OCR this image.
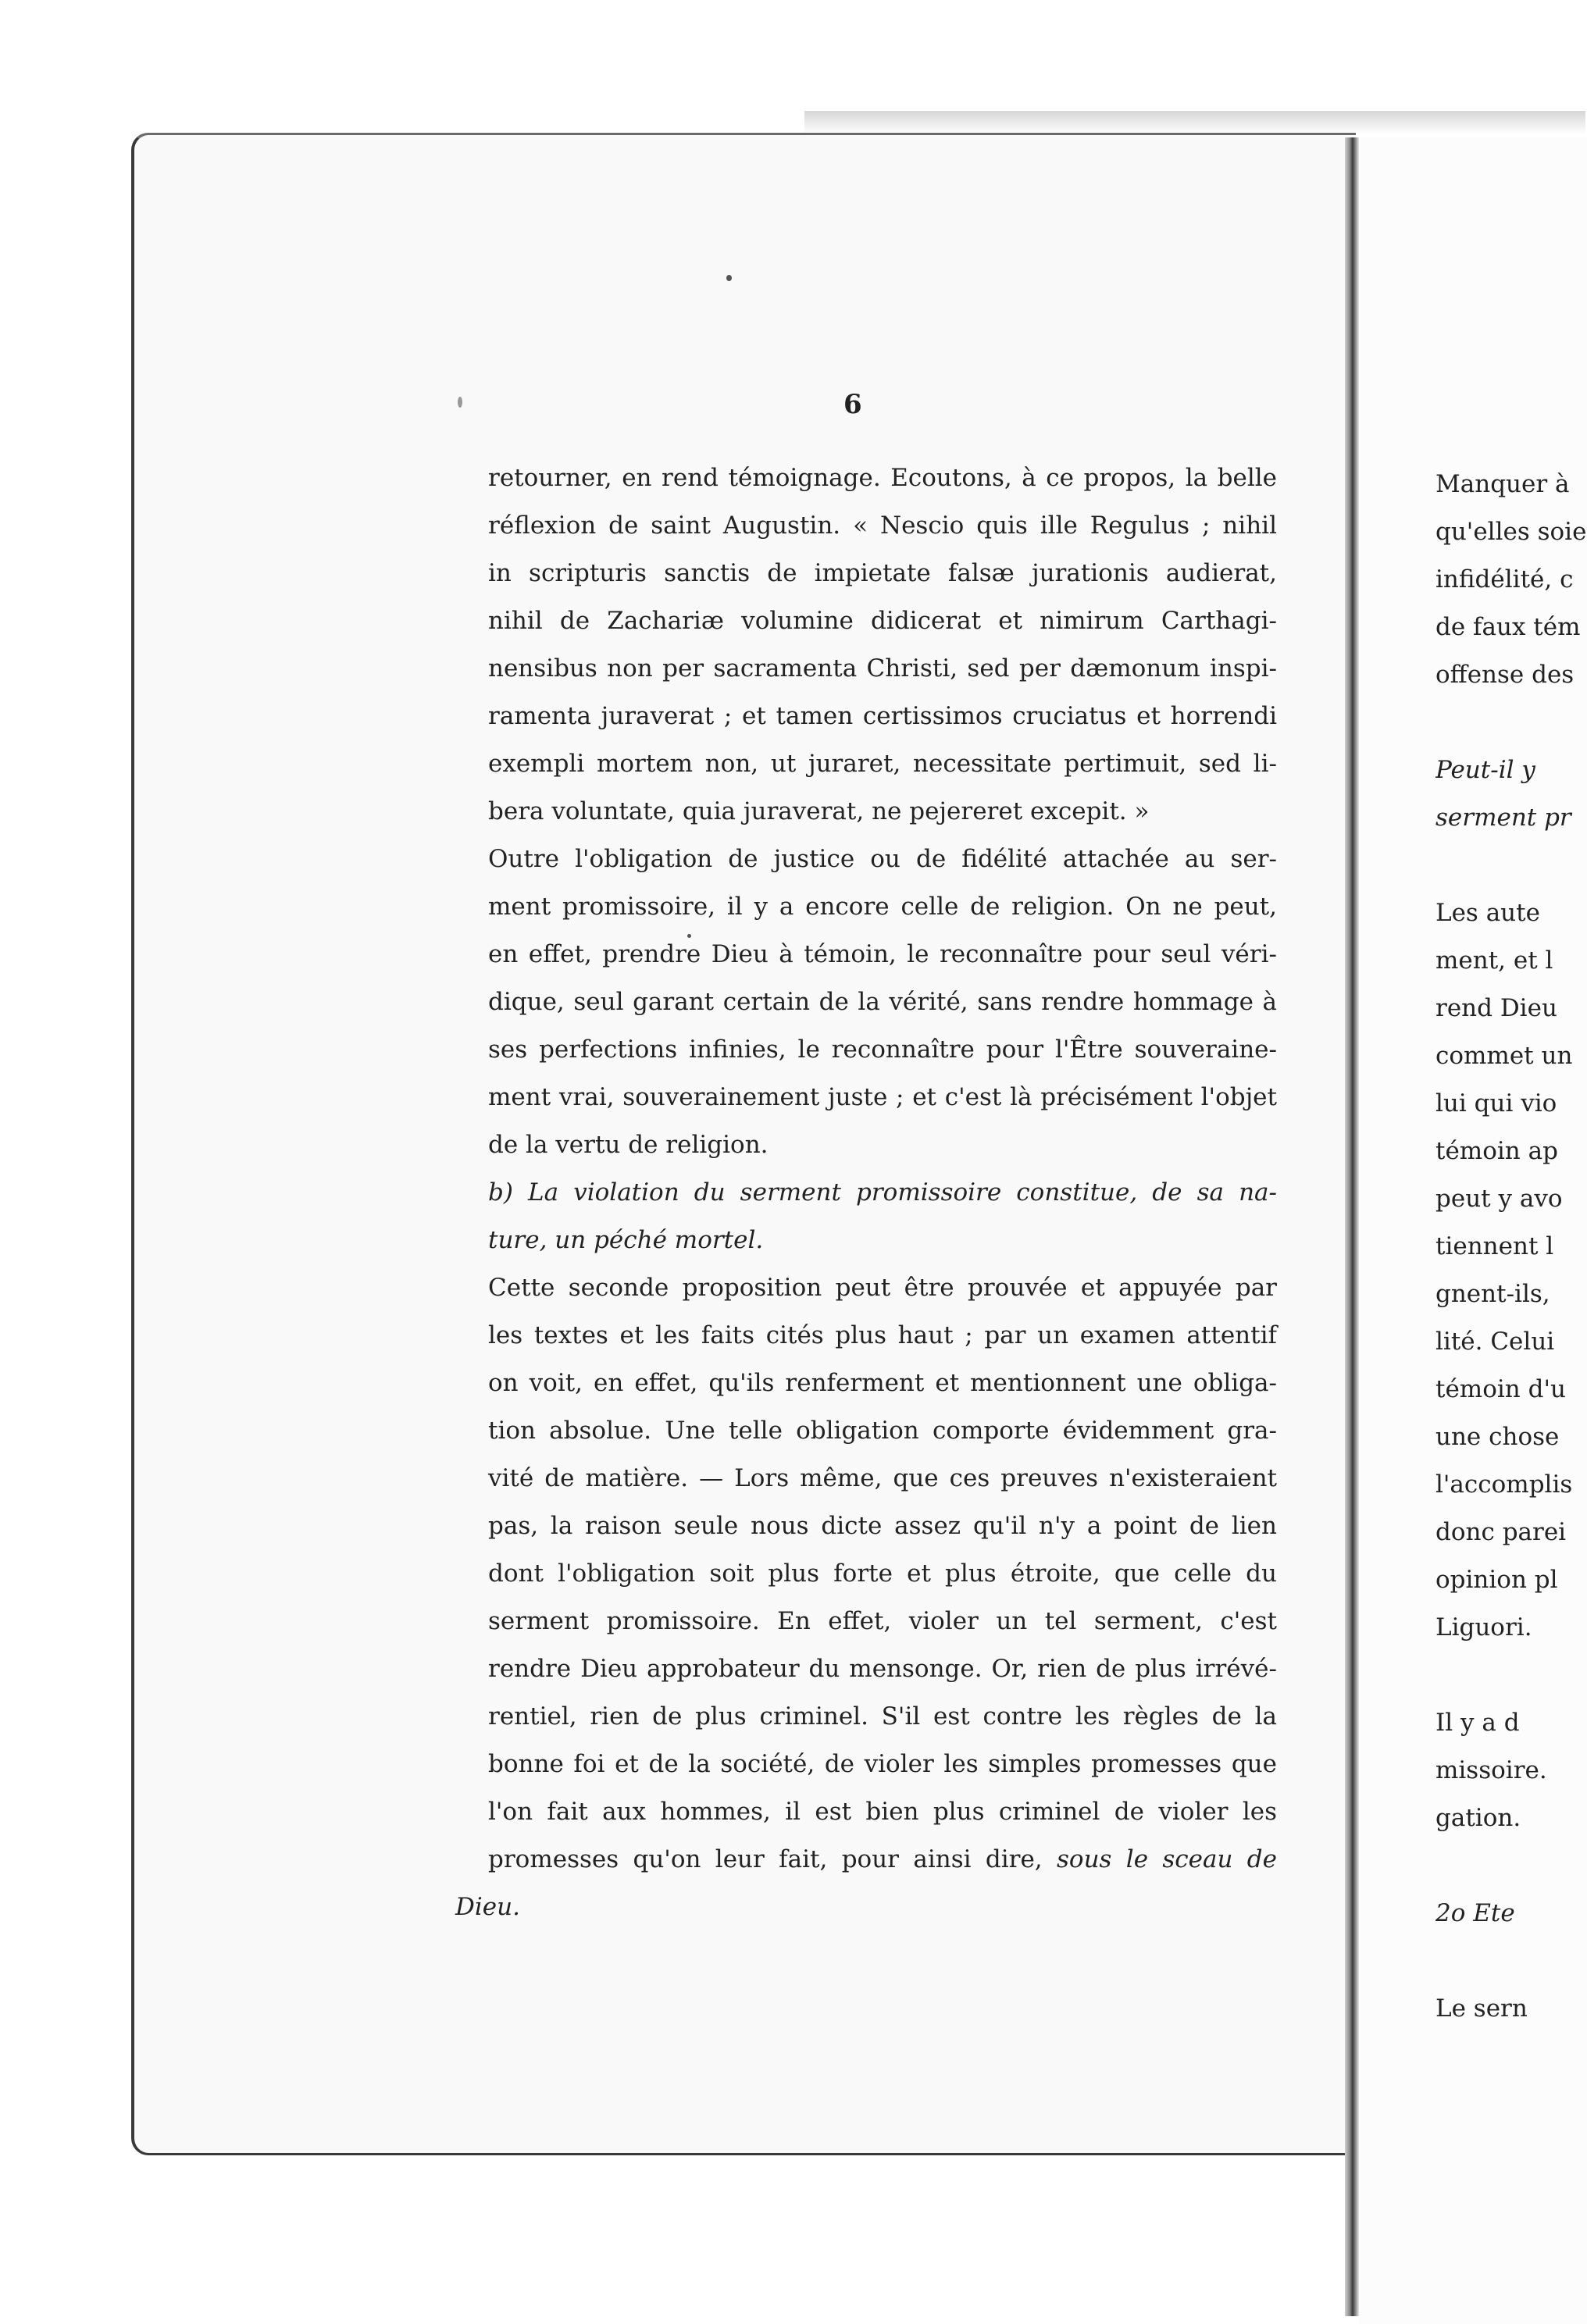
6

retourner, en rend témoignage. Ecoutons, à ce propos, la belle
réflexion de saint Augustin. « Nescio quis ille Regulus ; nihil
in scripturis sanctis de impietate falsæ jurationis audierat,
nihil de Zachariæ volumine didicerat et nimirum Carthagi-
nensibus non per sacramenta Christi, sed per dæmonum inspi-
ramenta juraverat ; et tamen certissimos cruciatus et horrendi
exempli mortem non, ut juraret, necessitate pertimuit, sed li-
bera voluntate, quia juraverat, ne pejereret excepit. »

Outre l'obligation de justice ou de fidélité attachée au ser-
ment promissoire, il y a encore celle de religion. On ne peut,
en effet, prendre Dieu à témoin, le reconnaître pour seul véri-
dique, seul garant certain de la vérité, sans rendre hommage à
ses perfections infinies, le reconnaître pour l'Être souveraine-
ment vrai, souverainement juste ; et c'est là précisément l'objet
de la vertu de religion.

b) La violation du serment promissoire constitue, de sa na-
ture, un péché mortel.

Cette seconde proposition peut être prouvée et appuyée par
les textes et les faits cités plus haut ; par un examen attentif
on voit, en effet, qu'ils renferment et mentionnent une obliga-
tion absolue. Une telle obligation comporte évidemment gra-
vité de matière. — Lors même, que ces preuves n'existeraient
pas, la raison seule nous dicte assez qu'il n'y a point de lien
dont l'obligation soit plus forte et plus étroite, que celle du
serment promissoire. En effet, violer un tel serment, c'est
rendre Dieu approbateur du mensonge. Or, rien de plus irrévé-
rentiel, rien de plus criminel. S'il est contre les règles de la
bonne foi et de la société, de violer les simples promesses que
l'on fait aux hommes, il est bien plus criminel de violer les
promesses qu'on leur fait, pour ainsi dire, sous le sceau de Dieu.

Manquer à
qu'elles soie
infidélité, c
de faux tém
offense des
Peut-il y
serment pr
Les aute
ment, et l
rend Dieu
commet un
lui qui vio
témoin ap
peut y avo
tiennent l
gnent-ils,
lité. Celui
témoin d'u
une chose
l'accomplis
donc parei
opinion pl
Liguori.
Il y a d
missoire.
gation.
2o Ete
Le sern
